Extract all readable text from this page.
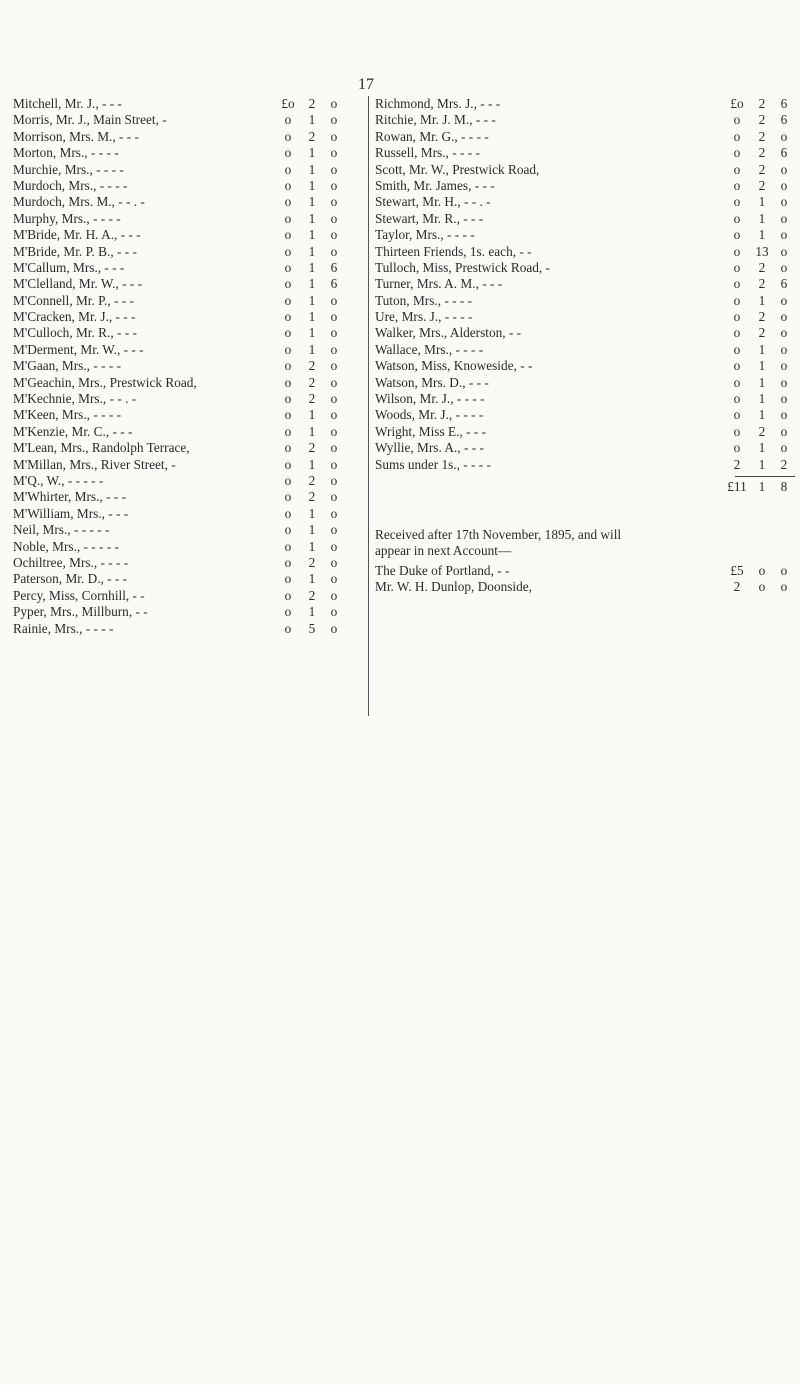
17
Mitchell, Mr. J., - - -	£o	2	o
Morris, Mr. J., Main Street, -	o	1	o
Morrison, Mrs. M., - - -	o	2	o
Morton, Mrs., - - - -	o	1	o
Murchie, Mrs., - - - -	o	1	o
Murdoch, Mrs., - - - -	o	1	o
Murdoch, Mrs. M., - - . -	o	1	o
Murphy, Mrs., - - - -	o	1	o
M'Bride, Mr. H. A., - - -	o	1	o
M'Bride, Mr. P. B., - - -	o	1	o
M'Callum, Mrs., - - -	o	1	6
M'Clelland, Mr. W., - - -	o	1	6
M'Connell, Mr. P., - - -	o	1	o
M'Cracken, Mr. J., - - -	o	1	o
M'Culloch, Mr. R., - - -	o	1	o
M'Derment, Mr. W., - - -	o	1	o
M'Gaan, Mrs., - - - -	o	2	o
M'Geachin, Mrs., Prestwick Road,	o	2	o
M'Kechnie, Mrs., - - . -	o	2	o
M'Keen, Mrs., - - - -	o	1	o
M'Kenzie, Mr. C., - - -	o	1	o
M'Lean, Mrs., Randolph Terrace,	o	2	o
M'Millan, Mrs., River Street, -	o	1	o
M'Q., W., - - - - -	o	2	o
M'Whirter, Mrs., - - -	o	2	o
M'William, Mrs., - - -	o	1	o
Neil, Mrs., - - - - -	o	1	o
Noble, Mrs., - - - - -	o	1	o
Ochiltree, Mrs., - - - -	o	2	o
Paterson, Mr. D., - - -	o	1	o
Percy, Miss, Cornhill, - -	o	2	o
Pyper, Mrs., Millburn, - -	o	1	o
Rainie, Mrs., - - - -	o	5	o
Richmond, Mrs. J., - - -	£o	2	6
Ritchie, Mr. J. M., - - -	o	2	6
Rowan, Mr. G., - - - -	o	2	o
Russell, Mrs., - - - -	o	2	6
Scott, Mr. W., Prestwick Road,	o	2	o
Smith, Mr. James, - - -	o	2	o
Stewart, Mr. H., - - . -	o	1	o
Stewart, Mr. R., - - -	o	1	o
Taylor, Mrs., - - - -	o	1	o
Thirteen Friends, 1s. each, - -	o	13 o
Tulloch, Miss, Prestwick Road, -	o	2	o
Turner, Mrs. A. M., - - -	o	2	6
Tuton, Mrs., - - - -	o	1	o
Ure, Mrs. J., - - - -	o	2	o
Walker, Mrs., Alderston, - -	o	2	o
Wallace, Mrs., - - - -	o	1	o
Watson, Miss, Knoweside, - -	o	1	o
Watson, Mrs. D., - - -	o	1	o
Wilson, Mr. J., - - - -	o	1	o
Woods, Mr. J., - - - -	o	1	o
Wright, Miss E., - - -	o	2	o
Wyllie, Mrs. A., - - -	o	1	o
Sums under 1s., - - - -	2	1	2
£11 1	8
Received after 17th November, 1895, and will appear in next Account—
The Duke of Portland, - -	£5	o	o
Mr. W. H. Dunlop, Doonside,	2	o	o
